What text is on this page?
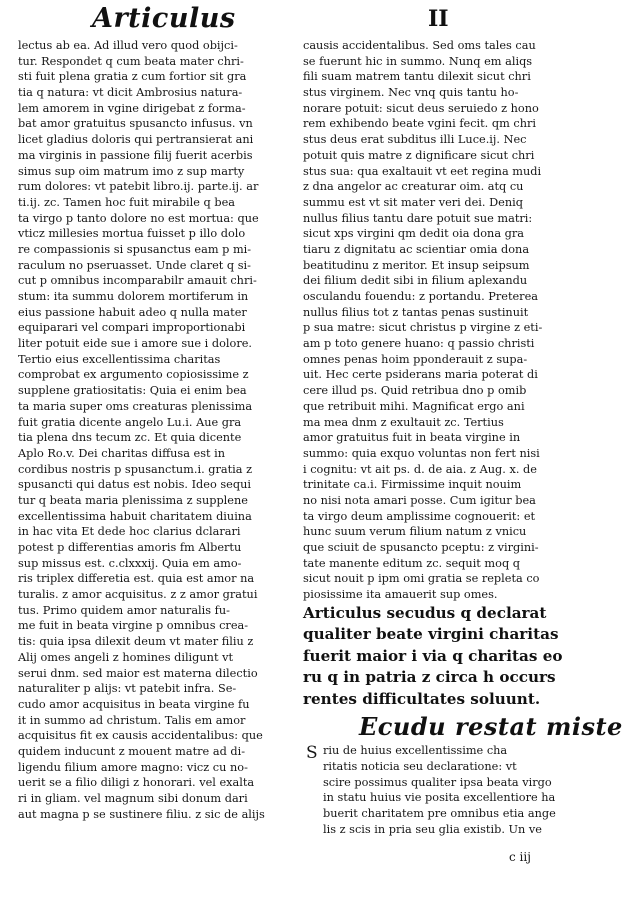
Articulus	II
lectus ab ea. Ad illud vero quod obijci-
tur. Respondet q cum beata mater chri-
sti fuit plena gratia z cum fortior sit gra
tia q natura: vt dicit Ambrosius natura-
lem amorem in vgine dirigebat z forma-
bat amor gratuitus spusancto infusus. vn
licet gladius doloris qui pertransierat ani
ma virginis in passione filij fuerit acerbis
simus sup oim matrum imo z sup marty
rum dolores: vt patebit libro.ij. parte.ij. ar
ti.ij. zc. Tamen hoc fuit mirabile q bea
ta virgo p tanto dolore no est mortua: que
vticz millesies mortua fuisset p illo dolo
re compassionis si spusanctus eam p mi-
raculum no pseruasset. Unde claret q si-
cut p omnibus incomparabilr amauit chri-
stum: ita summu dolorem mortiferum in
eius passione habuit adeo q nulla mater
equiparari vel compari improportionabi
liter potuit eide sue i amore sue i dolore.
Tertio eius excellentissima charitas
comprobat ex argumento copiosissime z
supplene gratiositatis: Quia ei enim bea
ta maria super oms creaturas plenissima
fuit gratia dicente angelo Lu.i. Aue gra
tia plena dns tecum zc. Et quia dicente
Aplo Ro.v. Dei charitas diffusa est in
cordibus nostris p spusanctum.i. gratia z
spusancti qui datus est nobis. Ideo sequi
tur q beata maria plenissima z supplene
excellentissima habuit charitatem diuina
in hac vita Et dede hoc clarius dclarari
potest p differentias amoris fm Albertu
sup missus est. c.clxxxij. Quia em amo-
ris triplex differetia est. quia est amor na
turalis. z amor acquisitus. z z amor gratui
tus. Primo quidem amor naturalis fu-
me fuit in beata virgine p omnibus crea-
tis: quia ipsa dilexit deum vt mater filiu z
Alij omes angeli z homines diligunt vt
serui dnm. sed maior est materna dilectio
naturaliter p alijs: vt patebit infra. Se-
cudo amor acquisitus in beata virgine fu
it in summo ad christum. Talis em amor
acquisitus fit ex causis accidentalibus: que
quidem inducunt z mouent matre ad di-
ligendu filium amore magno: vicz cu no-
uerit se a filio diligi z honorari. vel exalta
ri in gliam. vel magnum sibi donum dari
aut magna p se sustinere filiu. z sic de alijs
causis accidentalibus. Sed oms tales cau
se fuerunt hic in summo. Nunq em aliqs
fili suam matrem tantu dilexit sicut chri
stus virginem. Nec vnq quis tantu ho-
norare potuit: sicut deus seruiedo z hono
rem exhibendo beate vgini fecit. qm chri
stus deus erat subditus illi Luce.ij. Nec
potuit quis matre z dignificare sicut chri
stus sua: qua exaltauit vt eet regina mudi
z dna angelor ac creaturar oim. atq cu
summu est vt sit mater veri dei. Deniq
nullus filius tantu dare potuit sue matri:
sicut xps virgini qm dedit oia dona gra
tiaru z dignitatu ac scientiar omia dona
beatitudinu z meritor. Et insup seipsum
dei filium dedit sibi in filium aplexandu
osculandu fouendu: z portandu. Preterea
nullus filius tot z tantas penas sustinuit
p sua matre: sicut christus p virgine z eti-
am p toto genere huano: q passio christi
omnes penas hoim pponderauit z supa-
uit. Hec certe psiderans maria poterat di
cere illud ps. Quid retribua dno p omib
que retribuit mihi. Magnificat ergo ani
ma mea dnm z exultauit zc. Tertius
amor gratuitus fuit in beata virgine in
summo: quia exquo voluntas non fert nisi
i cognitu: vt ait ps. d. de aia. z Aug. x. de
trinitate ca.i. Firmissime inquit nouim
no nisi nota amari posse. Cum igitur bea
ta virgo deum amplissime cognouerit: et
hunc suum verum filium natum z vnicu
que sciuit de spusancto pceptu: z virgini-
tate manente editum zc. sequit moq q
sicut nouit p ipm omi gratia se repleta co
piosissime ita amauerit sup omes.
Articulus secudus q declarat
qualiter beate virgini charitas
fuerit maior i via q charitas eo
ru q in patria z circa h occurs
rentes difficultates soluunt.
Ecudu restat miste
S riu de huius excellentissime cha
ritatis noticia seu declaratione: vt
scire possimus qualiter ipsa beata virgo
in statu huius vie posita excellentiore ha
buerit charitatem pre omnibus etia ange
lis z scis in pria seu glia existib. Un ve
c iij
